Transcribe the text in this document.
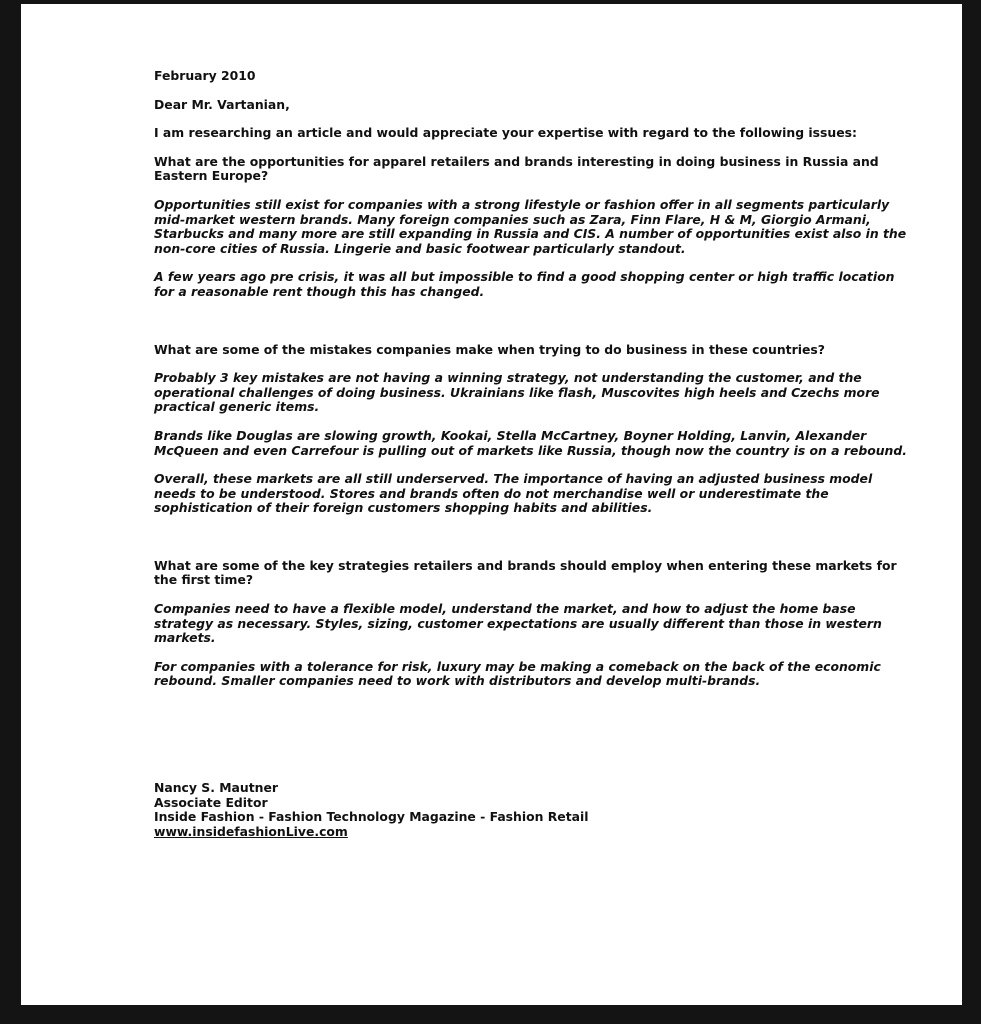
February 2010

Dear Mr. Vartanian,

I am researching an article and would appreciate your expertise with regard to the following issues:

What are the opportunities for apparel retailers and brands interesting in doing business in Russia and Eastern Europe?

Opportunities still exist for companies with a strong lifestyle or fashion offer in all segments particularly mid-market western brands. Many foreign companies such as Zara, Finn Flare, H & M, Giorgio Armani, Starbucks and many more are still expanding in Russia and CIS. A number of opportunities exist also in the non-core cities of Russia. Lingerie and basic footwear particularly standout.

A few years ago pre crisis, it was all but impossible to find a good shopping center or high traffic location for a reasonable rent though this has changed.

What are some of the mistakes companies make when trying to do business in these countries?

Probably 3 key mistakes are not having a winning strategy, not understanding the customer, and the operational challenges of doing business. Ukrainians like flash, Muscovites high heels and Czechs more practical generic items.

Brands like Douglas are slowing growth, Kookai, Stella McCartney, Boyner Holding, Lanvin, Alexander McQueen and even Carrefour is pulling out of markets like Russia, though now the country is on a rebound.

Overall, these markets are all still underserved. The importance of having an adjusted business model needs to be understood. Stores and brands often do not merchandise well or underestimate the sophistication of their foreign customers shopping habits and abilities.

What are some of the key strategies retailers and brands should employ when entering these markets for the first time?

Companies need to have a flexible model, understand the market, and how to adjust the home base strategy as necessary. Styles, sizing, customer expectations are usually different than those in western markets.

For companies with a tolerance for risk, luxury may be making a comeback on the back of the economic rebound. Smaller companies need to work with distributors and develop multi-brands.

Nancy S. Mautner

Associate Editor

Inside Fashion - Fashion Technology Magazine - Fashion Retail

www.insidefashionLive.com
